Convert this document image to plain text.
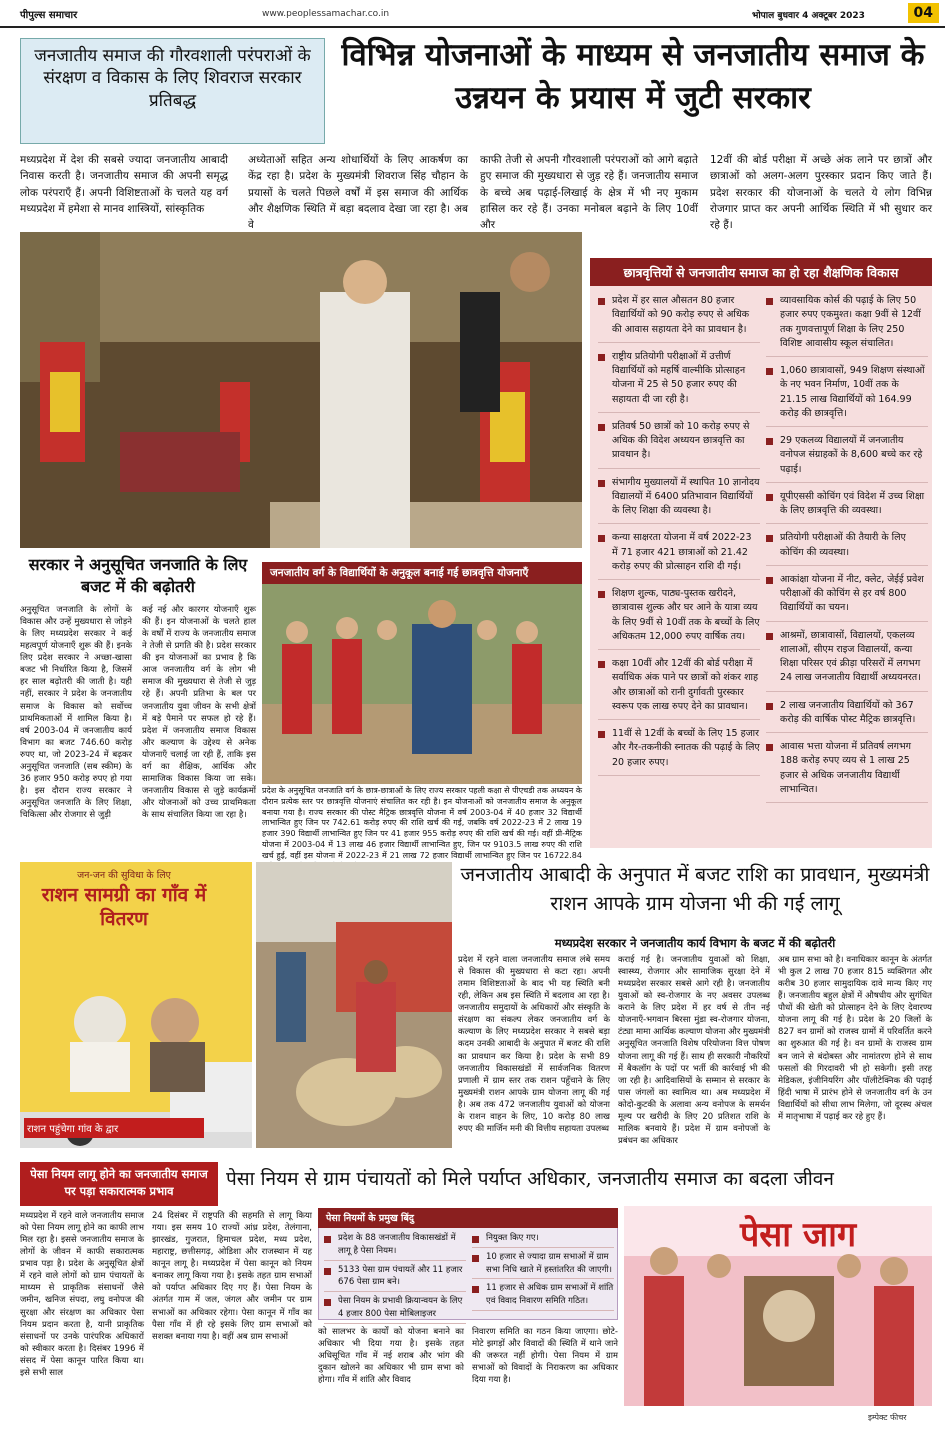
पीपुल्स समाचार	www.peoplessamachar.co.in	भोपाल बुधवार 4 अक्टूबर 2023	04
जनजातीय समाज की गौरवशाली परंपराओं के संरक्षण व विकास के लिए शिवराज सरकार प्रतिबद्ध
विभिन्न योजनाओं के माध्यम से जनजातीय समाज के उन्नयन के प्रयास में जुटी सरकार
मध्यप्रदेश में देश की सबसे ज्यादा जनजातीय आबादी निवास करती है। जनजातीय समाज की अपनी समृद्ध लोक परंपराएँ हैं। अपनी विशिष्टताओं के चलते यह वर्ग मध्यप्रदेश में हमेशा से मानव शास्त्रियों, सांस्कृतिक
अध्येताओं सहित अन्य शोधार्थियों के लिए आकर्षण का केंद्र रहा है। प्रदेश के मुख्यमंत्री शिवराज सिंह चौहान के प्रयासों के चलते पिछले वर्षों में इस समाज की आर्थिक और शैक्षणिक स्थिति में बड़ा बदलाव देखा जा रहा है। अब वे
काफी तेजी से अपनी गौरवशाली परंपराओं को आगे बढ़ाते हुए समाज की मुख्यधारा से जुड़ रहे हैं। जनजातीय समाज के बच्चे अब पढ़ाई-लिखाई के क्षेत्र में भी नए मुकाम हासिल कर रहे हैं। उनका मनोबल बढ़ाने के लिए 10वीं और
12वीं की बोर्ड परीक्षा में अच्छे अंक लाने पर छात्रों और छात्राओं को अलग-अलग पुरस्कार प्रदान किए जाते हैं। प्रदेश सरकार की योजनाओं के चलते ये लोग विभिन्न रोजगार प्राप्त कर अपनी आर्थिक स्थिति में भी सुधार कर रहे हैं।
छात्रवृत्तियों से जनजातीय समाज का हो रहा शैक्षणिक विकास
प्रदेश में हर साल औसतन 80 हजार विद्यार्थियों को 90 करोड़ रुपए से अधिक की आवास सहायता देने का प्रावधान है।
राष्ट्रीय प्रतियोगी परीक्षाओं में उत्तीर्ण विद्यार्थियों को महर्षि वाल्मीकि प्रोत्साहन योजना में 25 से 50 हजार रुपए की सहायता दी जा रही है।
प्रतिवर्ष 50 छात्रों को 10 करोड़ रुपए से अधिक की विदेश अध्ययन छात्रवृत्ति का प्रावधान है।
संभागीय मुख्यालयों में स्थापित 10 ज्ञानोदय विद्यालयों में 6400 प्रतिभावान विद्यार्थियों के लिए शिक्षा की व्यवस्था है।
कन्या साक्षरता योजना में वर्ष 2022-23 में 71 हजार 421 छात्राओं को 21.42 करोड़ रुपए की प्रोत्साहन राशि दी गई।
शिक्षण शुल्क, पाठ्य-पुस्तक खरीदने, छात्रावास शुल्क और घर आने के यात्रा व्यय के लिए 9वीं से 10वीं तक के बच्चों के लिए अधिकतम 12,000 रुपए वार्षिक तय।
कक्षा 10वीं और 12वीं की बोर्ड परीक्षा में सर्वाधिक अंक पाने पर छात्रों को शंकर शाह और छात्राओं को रानी दुर्गावती पुरस्कार स्वरूप एक लाख रुपए देने का प्रावधान।
11वीं से 12वीं के बच्चों के लिए 15 हजार और गैर-तकनीकी स्नातक की पढ़ाई के लिए 20 हजार रुपए।
व्यावसायिक कोर्स की पढ़ाई के लिए 50 हजार रुपए एकमुश्त। कक्षा 9वीं से 12वीं तक गुणवत्तापूर्ण शिक्षा के लिए 250 विशिष्ट आवासीय स्कूल संचालित।
1,060 छात्रावासों, 949 शिक्षण संस्थाओं के नए भवन निर्माण, 10वीं तक के 21.15 लाख विद्यार्थियों को 164.99 करोड़ की छात्रवृत्ति।
29 एकलव्य विद्यालयों में जनजातीय वनोपज संग्राहकों के 8,600 बच्चे कर रहे पढ़ाई।
यूपीएससी कोचिंग एवं विदेश में उच्च शिक्षा के लिए छात्रवृत्ति की व्यवस्था।
प्रतियोगी परीक्षाओं की तैयारी के लिए कोचिंग की व्यवस्था।
आकांक्षा योजना में नीट, क्लेट, जेईई प्रवेश परीक्षाओं की कोचिंग से हर वर्ष 800 विद्यार्थियों का चयन।
आश्रमों, छात्रावासों, विद्यालयों, एकलव्य शालाओं, सीएम राइज विद्यालयों, कन्या शिक्षा परिसर एवं क्रीड़ा परिसरों में लगभग 24 लाख जनजातीय विद्यार्थी अध्ययनरत।
2 लाख जनजातीय विद्यार्थियों को 367 करोड़ की वार्षिक पोस्ट मैट्रिक छात्रवृत्ति।
आवास भत्ता योजना में प्रतिवर्ष लगभग 188 करोड़ रुपए व्यय से 1 लाख 25 हजार से अधिक जनजातीय विद्यार्थी लाभान्वित।
सरकार ने अनुसूचित जनजाति के लिए बजट में की बढ़ोतरी
अनुसूचित जनजाति के लोगों के विकास और उन्हें मुख्यधारा से जोड़ने के लिए मध्यप्रदेश सरकार ने कई महत्वपूर्ण योजनाएँ शुरू की हैं। इनके लिए प्रदेश सरकार ने अच्छा-खासा बजट भी निर्धारित किया है, जिसमें हर साल बढ़ोतरी की जाती है। यही नहीं, सरकार ने प्रदेश के जनजातीय समाज के विकास को सर्वोच्च प्राथमिकताओं में शामिल किया है। वर्ष 2003-04 में जनजातीय कार्य विभाग का बजट 746.60 करोड़ रुपए था, जो 2023-24 में बढ़कर अनुसूचित जनजाति (सब स्कीम) के 36 हजार 950 करोड़ रुपए हो गया है। इस दौरान राज्य सरकार ने अनुसूचित जनजाति के लिए शिक्षा, चिकित्सा और रोजगार से जुड़ी
कई नई और कारगर योजनाएँ शुरू की हैं। इन योजनाओं के चलते हाल के वर्षों में राज्य के जनजातीय समाज ने तेजी से प्रगति की है। प्रदेश सरकार की इन योजनाओं का प्रभाव है कि आज जनजातीय वर्ग के लोग भी समाज की मुख्यधारा से तेजी से जुड़ रहे हैं। अपनी प्रतिभा के बल पर जनजातीय युवा जीवन के सभी क्षेत्रों में बड़े पैमाने पर सफल हो रहे हैं। प्रदेश में जनजातीय समाज विकास और कल्याण के उद्देश्य से अनेक योजनाएँ चलाई जा रही हैं, ताकि इस वर्ग का शैक्षिक, आर्थिक और सामाजिक विकास किया जा सके। जनजातीय विकास से जुड़े कार्यक्रमों और योजनाओं को उच्च प्राथमिकता के साथ संचालित किया जा रहा है।
जनजातीय वर्ग के विद्यार्थियों के अनुकूल बनाई गई छात्रवृत्ति योजनाएँ
प्रदेश के अनुसूचित जनजाति वर्ग के छात्र-छात्राओं के लिए राज्य सरकार पहली कक्षा से पीएचडी तक अध्ययन के दौरान प्रत्येक स्तर पर छात्रवृत्ति योजनाएं संचालित कर रही है। इन योजनाओं को जनजातीय समाज के अनुकूल बनाया गया है। राज्य सरकार की पोस्ट मैट्रिक छात्रवृत्ति योजना में वर्ष 2003-04 में 40 हजार 32 विद्यार्थी लाभान्वित हुए जिन पर 742.61 करोड़ रुपए की राशि खर्च की गई, जबकि वर्ष 2022-23 में 2 लाख 19 हजार 390 विद्यार्थी लाभान्वित हुए जिन पर 41 हजार 955 करोड़ रुपए की राशि खर्च की गई। वहीं प्री-मैट्रिक योजना में 2003-04 में 13 लाख 46 हजार विद्यार्थी लाभान्वित हुए, जिन पर 9103.5 लाख रुपए की राशि खर्च हुई, वहीं इस योजना में 2022-23 में 21 लाख 72 हजार विद्यार्थी लाभान्वित हुए जिन पर 16722.84
जन-जन की सुविधा के लिए
राशन सामग्री का गाँव में वितरण
राशन पहुंचेगा गांव के द्वार
जनजातीय आबादी के अनुपात में बजट राशि का प्रावधान, मुख्यमंत्री राशन आपके ग्राम योजना भी की गई लागू
मध्यप्रदेश सरकार ने जनजातीय कार्य विभाग के बजट में की बढ़ोतरी
प्रदेश में रहने वाला जनजातीय समाज लंबे समय से विकास की मुख्यधारा से कटा रहा। अपनी तमाम विशिष्टताओं के बाद भी यह स्थिति बनी रही, लेकिन अब इस स्थिति में बदलाव आ रहा है। जनजातीय समुदायों के अधिकारों और संस्कृति के संरक्षण का संकल्प लेकर जनजातीय वर्ग के कल्याण के लिए मध्यप्रदेश सरकार ने सबसे बड़ा कदम उनकी आबादी के अनुपात में बजट की राशि का प्रावधान कर किया है। प्रदेश के सभी 89 जनजातीय विकासखंडों में सार्वजनिक वितरण प्रणाली में ग्राम स्तर तक राशन पहुँचाने के लिए मुख्यमंत्री राशन आपके ग्राम योजना लागू की गई है। अब तक 472 जनजातीय युवाओं को योजना के राशन वाहन के लिए, 10 करोड़ 80 लाख रुपए की मार्जिन मनी की वित्तीय सहायता उपलब्ध
कराई गई है। जनजातीय युवाओं को शिक्षा, स्वास्थ्य, रोजगार और सामाजिक सुरक्षा देने में मध्यप्रदेश सरकार सबसे आगे रही है। जनजातीय युवाओं को स्व-रोजगार के नए अवसर उपलब्ध कराने के लिए प्रदेश में हर वर्ष से तीन नई योजनाएँ-भगवान बिरसा मुंडा स्व-रोजगार योजना, टंट्या मामा आर्थिक कल्याण योजना और मुख्यमंत्री अनुसूचित जनजाति विशेष परियोजना वित्त पोषण योजना लागू की गई हैं। साथ ही सरकारी नौकरियों में बैकलॉग के पदों पर भर्ती की कार्रवाई भी की जा रही है। आदिवासियों के सम्मान से सरकार के पास जंगलों का स्वामित्व था। अब मध्यप्रदेश में कोदो-कुटकी के अलावा अन्य वनोपज के समर्थन मूल्य पर खरीदी के लिए 20 प्रतिशत राशि के मालिक बनवाये हैं। प्रदेश में ग्राम वनोपजों के प्रबंधन का अधिकार
अब ग्राम सभा को है। वनाधिकार कानून के अंतर्गत भी कुल 2 लाख 70 हजार 815 व्यक्तिगत और करीब 30 हजार सामुदायिक दावे मान्य किए गए हैं। जनजातीय बहुल क्षेत्रों में औषधीय और सुगंधित पौधों की खेती को प्रोत्साहन देने के लिए देवारण्य योजना लागू की गई है। प्रदेश के 20 जिलों के 827 वन ग्रामों को राजस्व ग्रामों में परिवर्तित करने का शुरुआत की गई है। वन ग्रामों के राजस्व ग्राम बन जाने से बंदोबस्त और नामांतरण होने से साथ फसलों की गिरदावरी भी हो सकेगी। इसी तरह मेडिकल, इंजीनियरिंग और पॉलीटेक्निक की पढ़ाई हिंदी भाषा में प्रारंभ होने से जनजातीय वर्ग के उन विद्यार्थियों को सीधा लाभ मिलेगा, जो दूरस्थ अंचल में मातृभाषा में पढ़ाई कर रहे हुए हैं।
पेसा नियम लागू होने का जनजातीय समाज पर पड़ा सकारात्मक प्रभाव
पेसा नियम से ग्राम पंचायतों को मिले पर्याप्त अधिकार, जनजातीय समाज का बदला जीवन
मध्यप्रदेश में रहने वाले जनजातीय समाज को पेसा नियम लागू होने का काफी लाभ मिल रहा है। इससे जनजातीय समाज के लोगों के जीवन में काफी सकारात्मक प्रभाव पड़ा है। प्रदेश के अनुसूचित क्षेत्रों में रहने वाले लोगों को ग्राम पंचायतों के माध्यम से प्राकृतिक संसाधनों जैसे जमीन, खनिज संपदा, लघु वनोपज की सुरक्षा और संरक्षण का अधिकार पेसा नियम प्रदान करता है, यानी प्राकृतिक संसाधनों पर उनके पारंपरिक अधिकारों को स्वीकार करता है। दिसंबर 1996 में संसद में पेसा कानून पारित किया था। इसे सभी साल
24 दिसंबर में राष्ट्रपति की सहमति से लागू किया गया। इस समय 10 राज्यों आंध्र प्रदेश, तेलंगाना, झारखंड, गुजरात, हिमाचल प्रदेश, मध्य प्रदेश, महाराष्ट्र, छत्तीसगढ़, ओडिशा और राजस्थान में यह कानून लागू है। मध्यप्रदेश में पेसा कानून को नियम बनाकर लागू किया गया है। इसके तहत ग्राम सभाओं को पर्याप्त अधिकार दिए गए हैं। पेसा नियम के अंतर्गत गाम में जल, जंगल और जमीन पर ग्राम सभाओं का अधिकार रहेगा। पेसा कानून में गाँव का पैसा गाँव में ही रहे इसके लिए ग्राम सभाओं को सशक्त बनाया गया है। वहीं अब ग्राम सभाओं
पेसा नियमों के प्रमुख बिंदु
प्रदेश के 88 जनजातीय विकासखंडों में लागू है पेसा नियम।
5133 पेसा ग्राम पंचायतें और 11 हजार 676 पेसा ग्राम बने।
पेसा नियम के प्रभावी क्रियान्वयन के लिए 4 हजार 800 पेसा मोबिलाइजर
नियुक्त किए गए।
10 हजार से ज्यादा ग्राम सभाओं में ग्राम सभा निधि खाते में हस्तांतरित की जाएगी।
11 हजार से अधिक ग्राम सभाओं में शांति एवं विवाद निवारण समिति गठित।
को सालभर के कार्यों को योजना बनाने का अधिकार भी दिया गया है। इसके तहत अधिसूचित गाँव में नई शराब और भांग की दुकान खोलने का अधिकार भी ग्राम सभा को होगा। गाँव में शांति और विवाद
निवारण समिति का गठन किया जाएगा। छोटे-मोटे झगड़ों और विवादों की स्थिति में थाने जाने की जरूरत नहीं होगी। पेसा नियम में ग्राम सभाओं को विवादों के निराकरण का अधिकार दिया गया है।
पेसा जाग
इम्पेक्ट फीचर
